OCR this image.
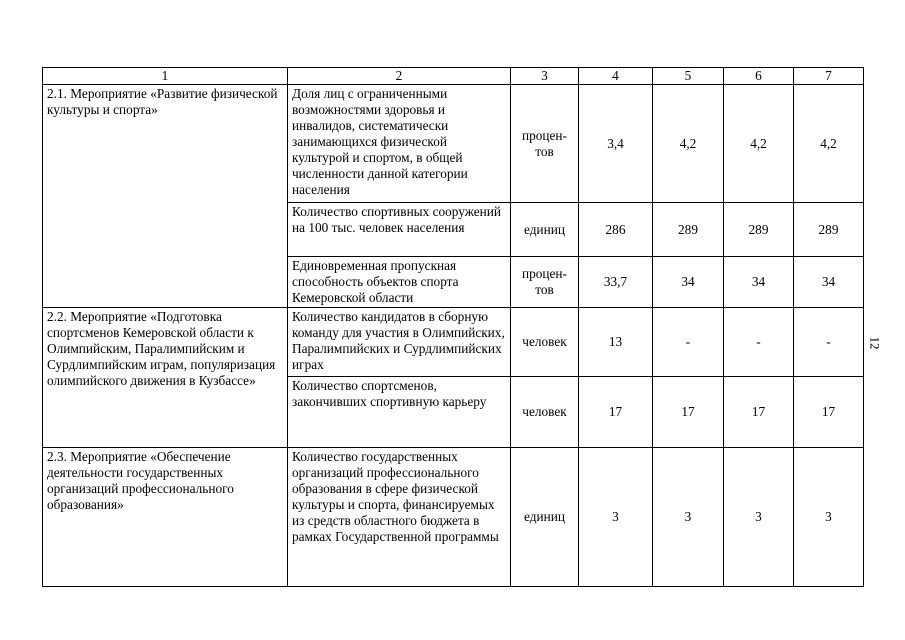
1	2	3	4	5	6	7
2.1. Мероприятие «Развитие физической культуры и спорта»	Доля лиц с ограниченными возможностями здоровья и инвалидов, систематически занимающихся физической культурой и спортом, в общей численности данной категории населения	процен-тов	3,4	4,2	4,2	4,2
	Количество спортивных сооружений на 100 тыс. человек населения	единиц	286	289	289	289
	Единовременная пропускная способность объектов спорта Кемеровской области	процен-тов	33,7	34	34	34
2.2. Мероприятие «Подготовка спортсменов Кемеровской области к Олимпийским, Паралимпийским и Сурдлимпийским играм, популяризация олимпийского движения в Кузбассе»	Количество кандидатов в сборную команду для участия в Олимпийских, Паралимпийских и Сурдлимпийских играх	человек	13	-	-	-
	Количество спортсменов, закончивших спортивную карьеру	человек	17	17	17	17
2.3. Мероприятие «Обеспечение деятельности государственных организаций профессионального образования»	Количество государственных организаций профессионального образования в сфере физической культуры и спорта, финансируемых из средств областного бюджета в рамках Государственной программы	единиц	3	3	3	3
12
